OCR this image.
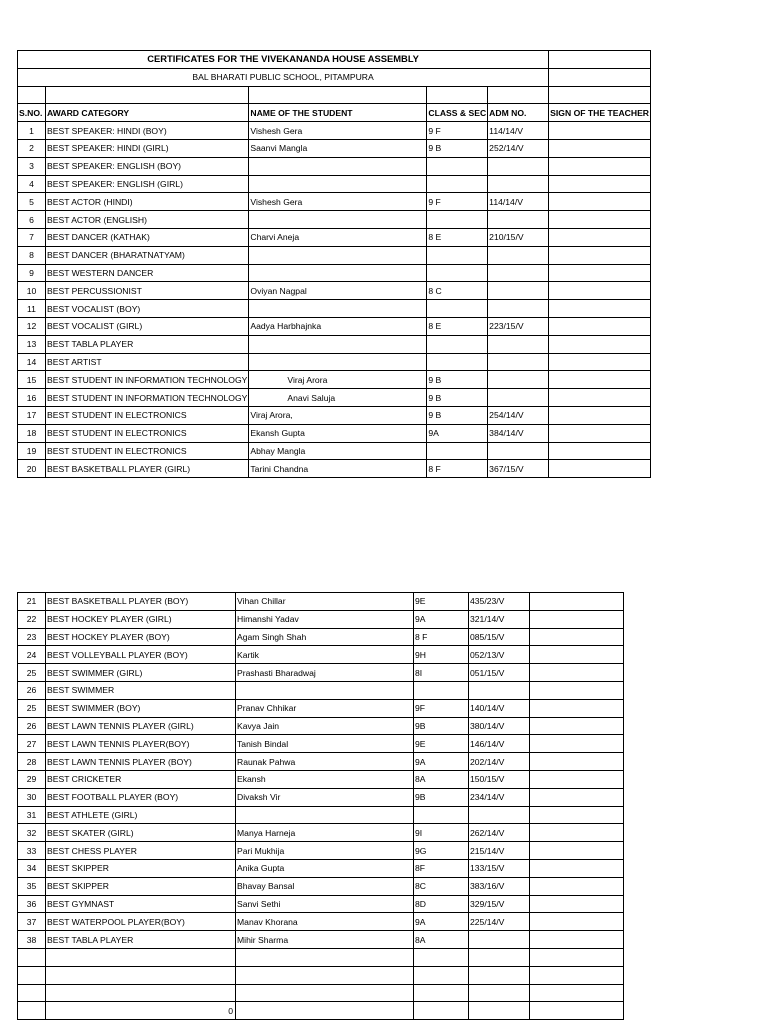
CERTIFICATES FOR THE VIVEKANANDA HOUSE ASSEMBLY					
BAL BHARATI PUBLIC SCHOOL, PITAMPURA					

S.NO.	AWARD CATEGORY	NAME OF THE STUDENT	CLASS & SEC	ADM NO.	SIGN OF THE TEACHER
1	BEST SPEAKER: HINDI (BOY)	Vishesh Gera	9 F	114/14/V	
2	BEST SPEAKER: HINDI (GIRL)	Saanvi Mangla	9 B	252/14/V	
3	BEST SPEAKER: ENGLISH (BOY)				
4	BEST SPEAKER: ENGLISH (GIRL)				
5	BEST ACTOR (HINDI)	Vishesh Gera	9 F	114/14/V	
6	BEST ACTOR (ENGLISH)				
7	BEST DANCER (KATHAK)	Charvi Aneja	8 E	210/15/V	
8	BEST DANCER (BHARATNATYAM)				
9	BEST WESTERN DANCER				
10	BEST PERCUSSIONIST	Oviyan Nagpal	8 C		
11	BEST VOCALIST (BOY)				
12	BEST VOCALIST (GIRL)	Aadya Harbhajnka	8 E	223/15/V	
13	BEST TABLA PLAYER				
14	BEST ARTIST				
15	BEST STUDENT IN INFORMATION TECHNOLOGY	Viraj Arora	9 B		
16	BEST STUDENT IN INFORMATION TECHNOLOGY	Anavi Saluja	9 B		
17	BEST STUDENT IN ELECTRONICS	Viraj Arora,	9 B	254/14/V	
18	BEST STUDENT IN ELECTRONICS	Ekansh Gupta	9A	384/14/V	
19	BEST STUDENT IN ELECTRONICS	Abhay Mangla			
20	BEST BASKETBALL PLAYER (GIRL)	Tarini Chandna	8 F	367/15/V	
21	BEST BASKETBALL PLAYER (BOY)	Vihan Chillar	9E	435/23/V	
22	BEST HOCKEY PLAYER (GIRL)	Himanshi Yadav	9A	321/14/V	
23	BEST HOCKEY PLAYER (BOY)	Agam Singh Shah	8 F	085/15/V	
24	BEST VOLLEYBALL PLAYER (BOY)	Kartik	9H	052/13/V	
25	BEST SWIMMER (GIRL)	Prashasti Bharadwaj	8I	051/15/V	
26	BEST SWIMMER				
25	BEST SWIMMER (BOY)	Pranav Chhikar	9F	140/14/V	
26	BEST LAWN TENNIS PLAYER (GIRL)	Kavya Jain	9B	380/14/V	
27	BEST LAWN TENNIS PLAYER(BOY)	Tanish Bindal	9E	146/14/V	
28	BEST LAWN TENNIS PLAYER (BOY)	Raunak Pahwa	9A	202/14/V	
29	BEST CRICKETER	Ekansh	8A	150/15/V	
30	BEST FOOTBALL PLAYER (BOY)	Divaksh Vir	9B	234/14/V	
31	BEST ATHLETE (GIRL)				
32	BEST SKATER (GIRL)	Manya Harneja	9I	262/14/V	
33	BEST CHESS PLAYER	Pari Mukhija	9G	215/14/V	
34	BEST SKIPPER	Anika Gupta	8F	133/15/V	
35	BEST SKIPPER	Bhavay Bansal	8C	383/16/V	
36	BEST GYMNAST	Sanvi Sethi	8D	329/15/V	
37	BEST WATERPOOL PLAYER(BOY)	Manav Khorana	9A	225/14/V	
38	BEST TABLA PLAYER	Mihir Sharma	8A		

	0				
